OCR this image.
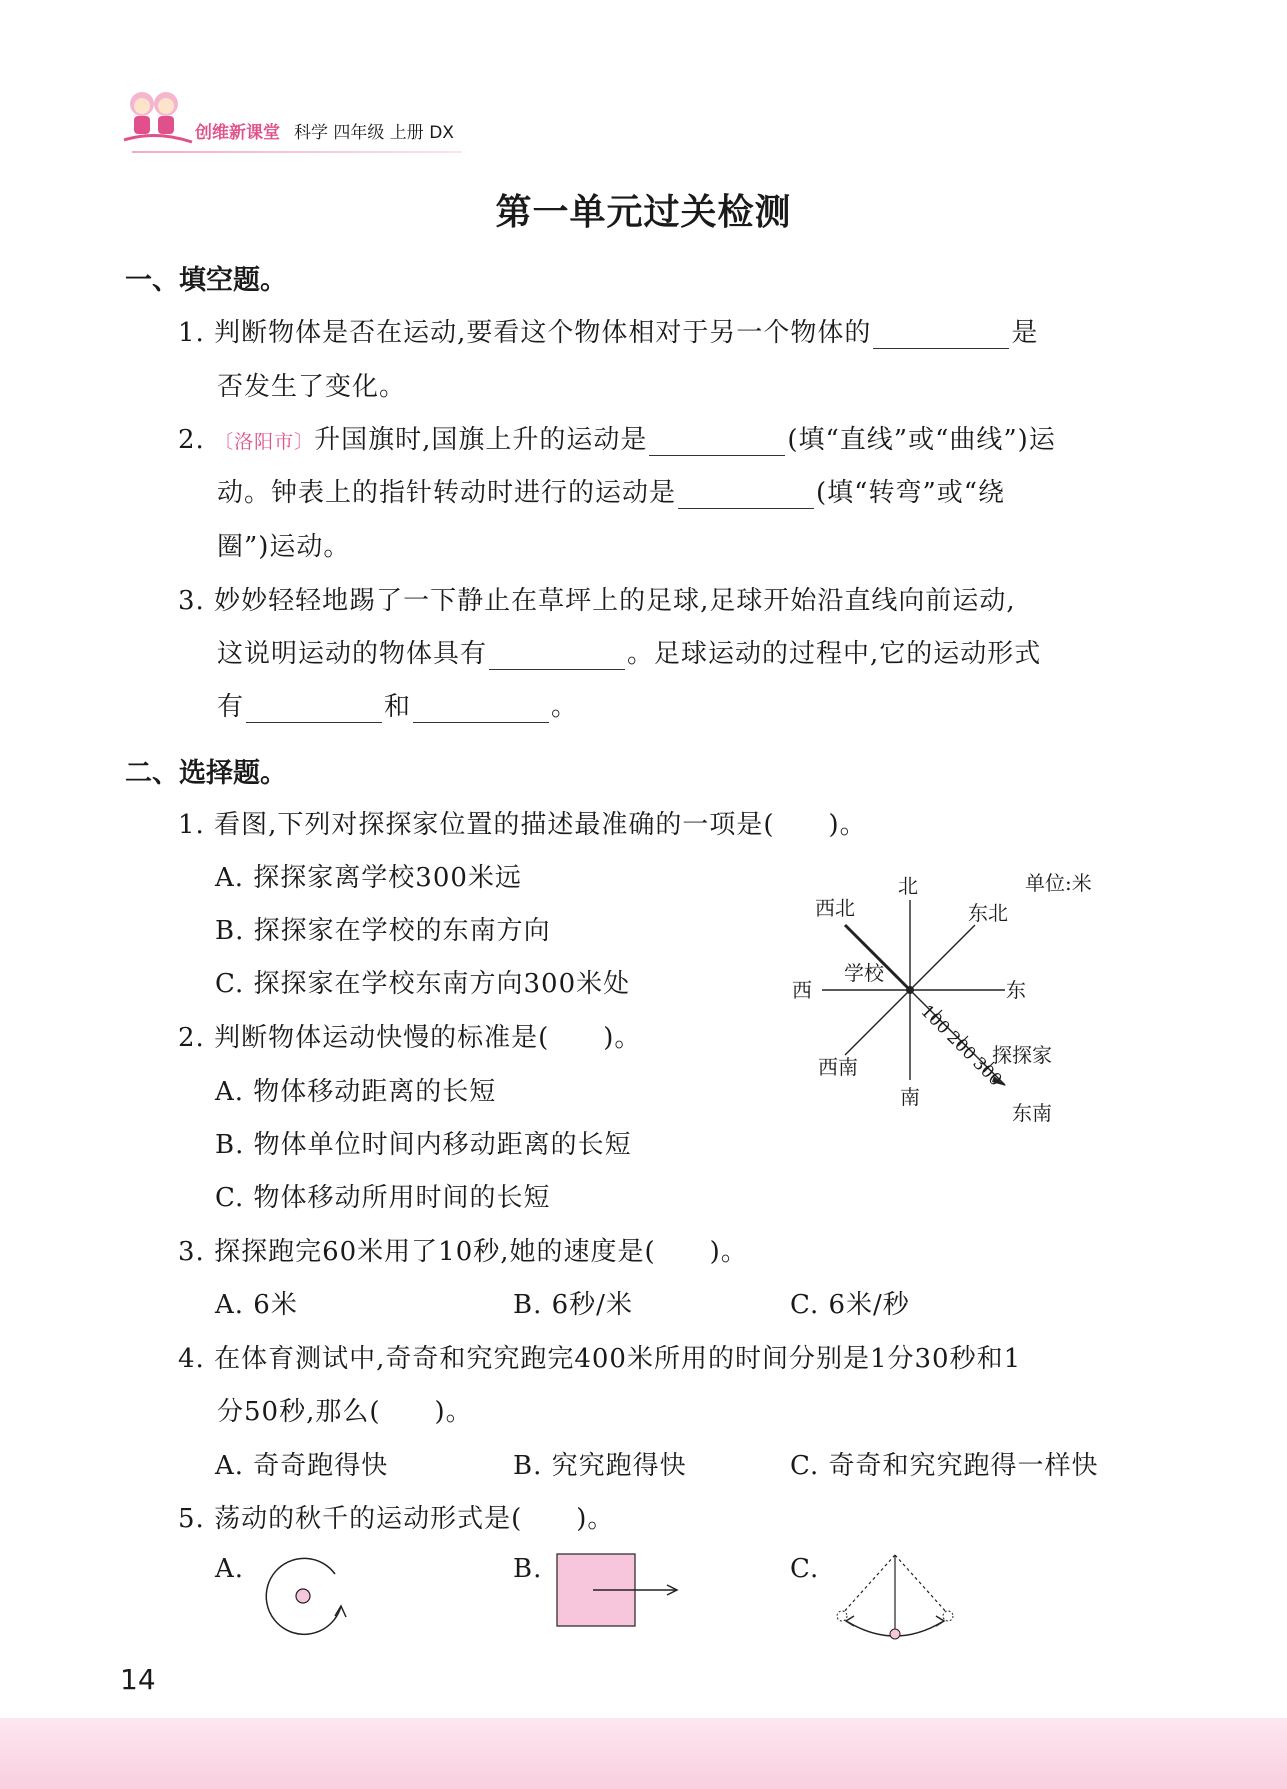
创维新课堂 科学 四年级 上册 DX
第一单元过关检测
一、填空题。
1. 判断物体是否在运动,要看这个物体相对于另一个物体的	是
否发生了变化。
2. 〔洛阳市〕升国旗时,国旗上升的运动是	(填“直线”或“曲线”)运
动。钟表上的指针转动时进行的运动是	(填“转弯”或“绕
圈”)运动。
3. 妙妙轻轻地踢了一下静止在草坪上的足球,足球开始沿直线向前运动,
这说明运动的物体具有	。足球运动的过程中,它的运动形式
有	和	。
二、选择题。
1. 看图,下列对探探家位置的描述最准确的一项是(　　)。
A. 探探家离学校300米远
B. 探探家在学校的东南方向
C. 探探家在学校东南方向300米处
2. 判断物体运动快慢的标准是(　　)。
A. 物体移动距离的长短
B. 物体单位时间内移动距离的长短
C. 物体移动所用时间的长短
3. 探探跑完60米用了10秒,她的速度是(　　)。
A. 6米	B. 6秒/米	C. 6米/秒
4. 在体育测试中,奇奇和究究跑完400米所用的时间分别是1分30秒和1
分50秒,那么(　　)。
A. 奇奇跑得快	B. 究究跑得快	C. 奇奇和究究跑得一样快
5. 荡动的秋千的运动形式是(　　)。
A.	B.	C.
北
南
东
西
西北	东北
西南
东南
学校
探探家
单位:米
100
200
300
14
